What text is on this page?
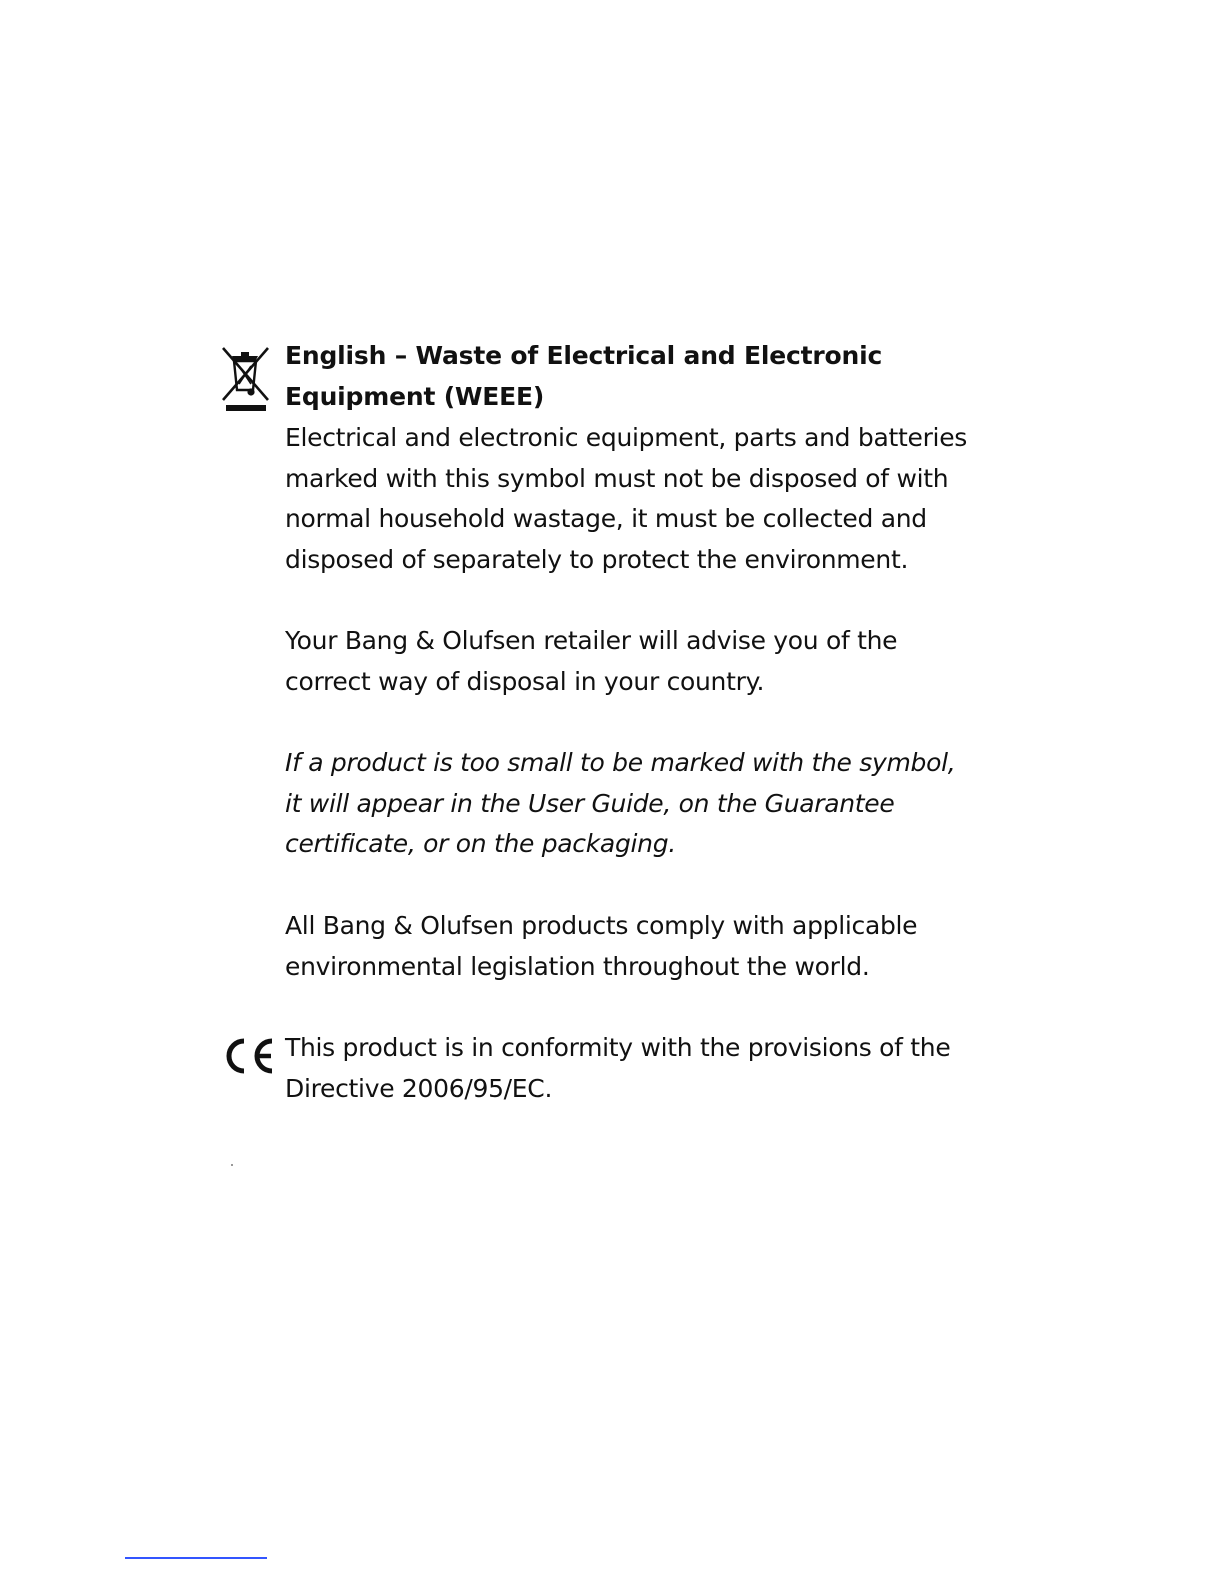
English – Waste of Electrical and Electronic
Equipment (WEEE)
Electrical and electronic equipment, parts and batteries
marked with this symbol must not be disposed of with
normal household wastage, it must be collected and
disposed of separately to protect the environment.
Your Bang & Olufsen retailer will advise you of the
correct way of disposal in your country.
If a product is too small to be marked with the symbol,
it will appear in the User Guide, on the Guarantee
certificate, or on the packaging.
All Bang & Olufsen products comply with applicable
environmental legislation throughout the world.
This product is in conformity with the provisions of the
Directive 2006/95/EC.
